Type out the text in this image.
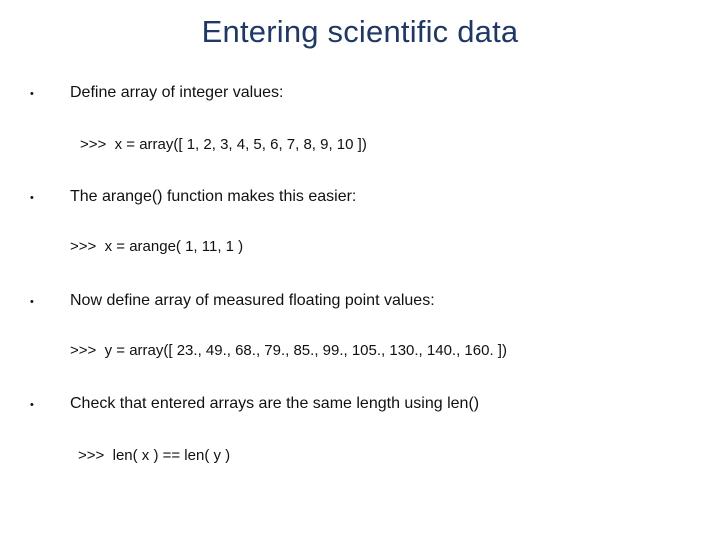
Entering scientific data
•	Define array of integer values:
>>>  x = array([ 1, 2, 3, 4, 5, 6, 7, 8, 9, 10 ])
•	The arange() function makes this easier:
>>>  x = arange( 1, 11, 1 )
•	Now define array of measured floating point values:
>>>  y = array([ 23., 49., 68., 79., 85., 99., 105., 130., 140., 160. ])
•	Check that entered arrays are the same length using len()
>>>  len( x ) == len( y )
